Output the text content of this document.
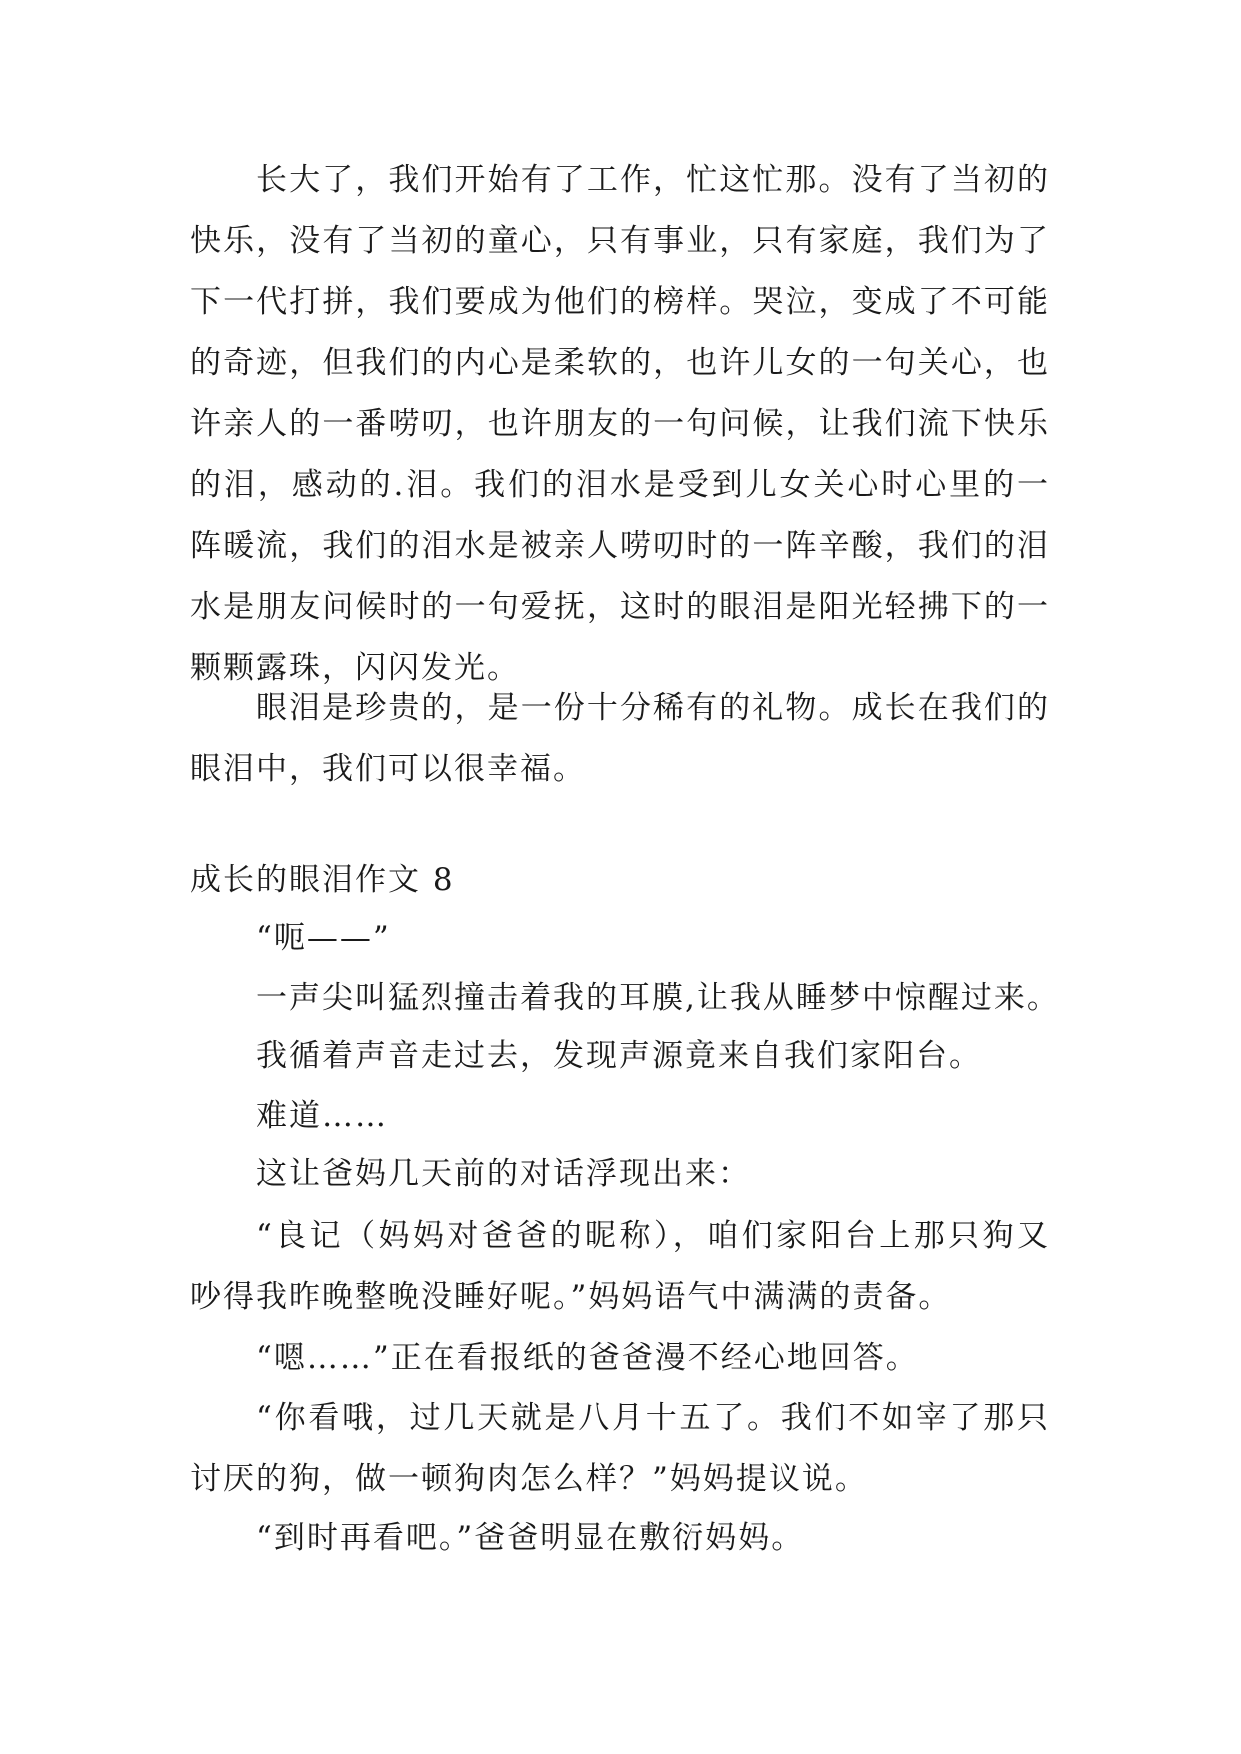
长大了，我们开始有了工作，忙这忙那。没有了当初的快乐，没有了当初的童心，只有事业，只有家庭，我们为了下一代打拼，我们要成为他们的榜样。哭泣，变成了不可能的奇迹，但我们的内心是柔软的，也许儿女的一句关心，也许亲人的一番唠叨，也许朋友的一句问候，让我们流下快乐的泪，感动的.泪。我们的泪水是受到儿女关心时心里的一阵暖流，我们的泪水是被亲人唠叨时的一阵辛酸，我们的泪水是朋友问候时的一句爱抚，这时的眼泪是阳光轻拂下的一颗颗露珠，闪闪发光。

眼泪是珍贵的，是一份十分稀有的礼物。成长在我们的眼泪中，我们可以很幸福。

成长的眼泪作文 8
“呃——”
一声尖叫猛烈撞击着我的耳膜,让我从睡梦中惊醒过来。
我循着声音走过去，发现声源竟来自我们家阳台。
难道……
这让爸妈几天前的对话浮现出来：

“良记（妈妈对爸爸的昵称），咱们家阳台上那只狗又吵得我昨晚整晚没睡好呢。”妈妈语气中满满的责备。

“嗯……”正在看报纸的爸爸漫不经心地回答。

“你看哦，过几天就是八月十五了。我们不如宰了那只讨厌的狗，做一顿狗肉怎么样？”妈妈提议说。

“到时再看吧。”爸爸明显在敷衍妈妈。
